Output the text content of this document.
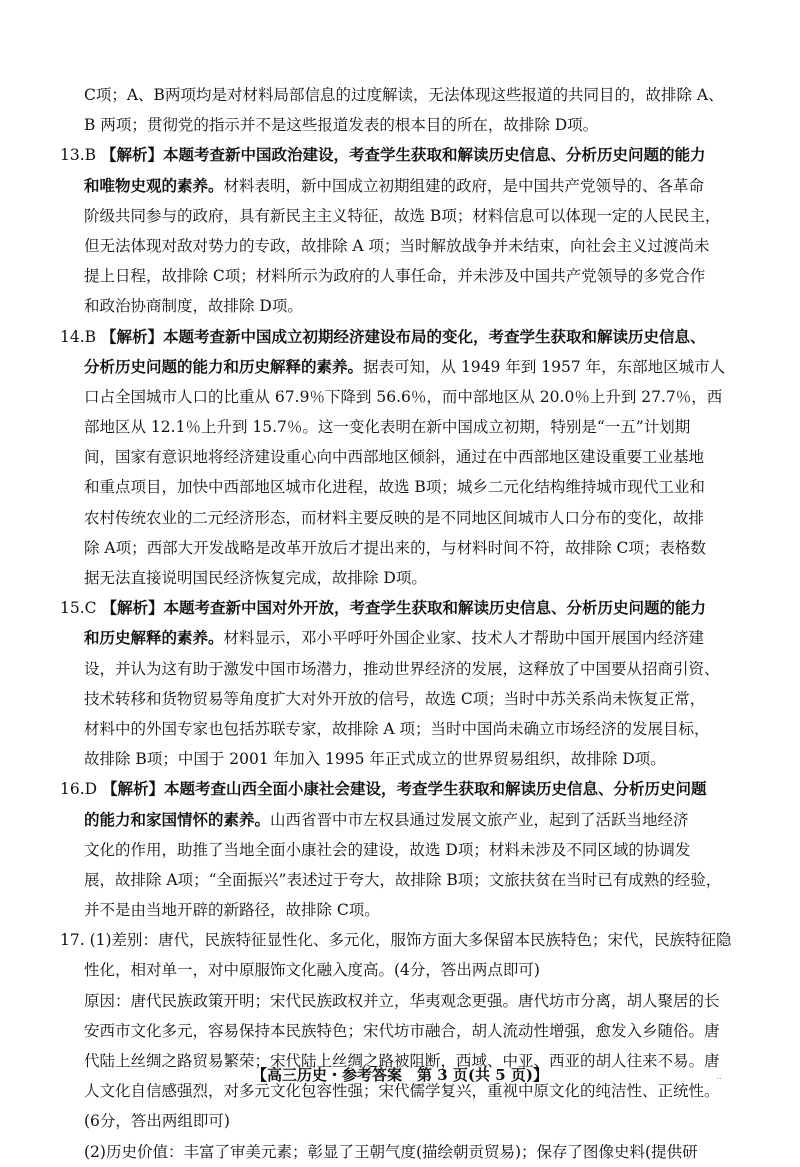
C项；A、B两项均是对材料局部信息的过度解读，无法体现这些报道的共同目的，故排除 A、
B 两项；贯彻党的指示并不是这些报道发表的根本目的所在，故排除 D项。
13.B 【解析】本题考查新中国政治建设，考查学生获取和解读历史信息、分析历史问题的能力
和唯物史观的素养。材料表明，新中国成立初期组建的政府，是中国共产党领导的、各革命
阶级共同参与的政府，具有新民主主义特征，故选 B项；材料信息可以体现一定的人民民主，
但无法体现对敌对势力的专政，故排除 A 项；当时解放战争并未结束，向社会主义过渡尚未
提上日程，故排除 C项；材料所示为政府的人事任命，并未涉及中国共产党领导的多党合作
和政治协商制度，故排除 D项。
14.B 【解析】本题考查新中国成立初期经济建设布局的变化，考查学生获取和解读历史信息、
分析历史问题的能力和历史解释的素养。据表可知，从 1949 年到 1957 年，东部地区城市人
口占全国城市人口的比重从 67.9％下降到 56.6％，而中部地区从 20.0％上升到 27.7％，西
部地区从 12.1％上升到 15.7％。这一变化表明在新中国成立初期，特别是“一五”计划期
间，国家有意识地将经济建设重心向中西部地区倾斜，通过在中西部地区建设重要工业基地
和重点项目，加快中西部地区城市化进程，故选 B项；城乡二元化结构维持城市现代工业和
农村传统农业的二元经济形态，而材料主要反映的是不同地区间城市人口分布的变化，故排
除 A项；西部大开发战略是改革开放后才提出来的，与材料时间不符，故排除 C项；表格数
据无法直接说明国民经济恢复完成，故排除 D项。
15.C 【解析】本题考查新中国对外开放，考查学生获取和解读历史信息、分析历史问题的能力
和历史解释的素养。材料显示，邓小平呼吁外国企业家、技术人才帮助中国开展国内经济建
设，并认为这有助于激发中国市场潜力，推动世界经济的发展，这释放了中国要从招商引资、
技术转移和货物贸易等角度扩大对外开放的信号，故选 C项；当时中苏关系尚未恢复正常，
材料中的外国专家也包括苏联专家，故排除 A 项；当时中国尚未确立市场经济的发展目标，
故排除 B项；中国于 2001 年加入 1995 年正式成立的世界贸易组织，故排除 D项。
16.D 【解析】本题考查山西全面小康社会建设，考查学生获取和解读历史信息、分析历史问题
的能力和家国情怀的素养。山西省晋中市左权县通过发展文旅产业，起到了活跃当地经济
文化的作用，助推了当地全面小康社会的建设，故选 D项；材料未涉及不同区域的协调发
展，故排除 A项；“全面振兴”表述过于夸大，故排除 B项；文旅扶贫在当时已有成熟的经验，
并不是由当地开辟的新路径，故排除 C项。
17. (1)差别：唐代，民族特征显性化、多元化，服饰方面大多保留本民族特色；宋代，民族特征隐
性化，相对单一，对中原服饰文化融入度高。(4分，答出两点即可)
原因：唐代民族政策开明；宋代民族政权并立，华夷观念更强。唐代坊市分离，胡人聚居的长
安西市文化多元，容易保持本民族特色；宋代坊市融合，胡人流动性增强，愈发入乡随俗。唐
代陆上丝绸之路贸易繁荣；宋代陆上丝绸之路被阻断，西域、中亚、西亚的胡人往来不易。唐
人文化自信感强烈，对多元文化包容性强；宋代儒学复兴，重视中原文化的纯洁性、正统性。
(6分，答出两组即可)
(2)历史价值：丰富了审美元素；彰显了王朝气度(描绘朝贡贸易)；保存了图像史料(提供研
【高三历史・参考答案　第 3 页(共 5 页)】	..
